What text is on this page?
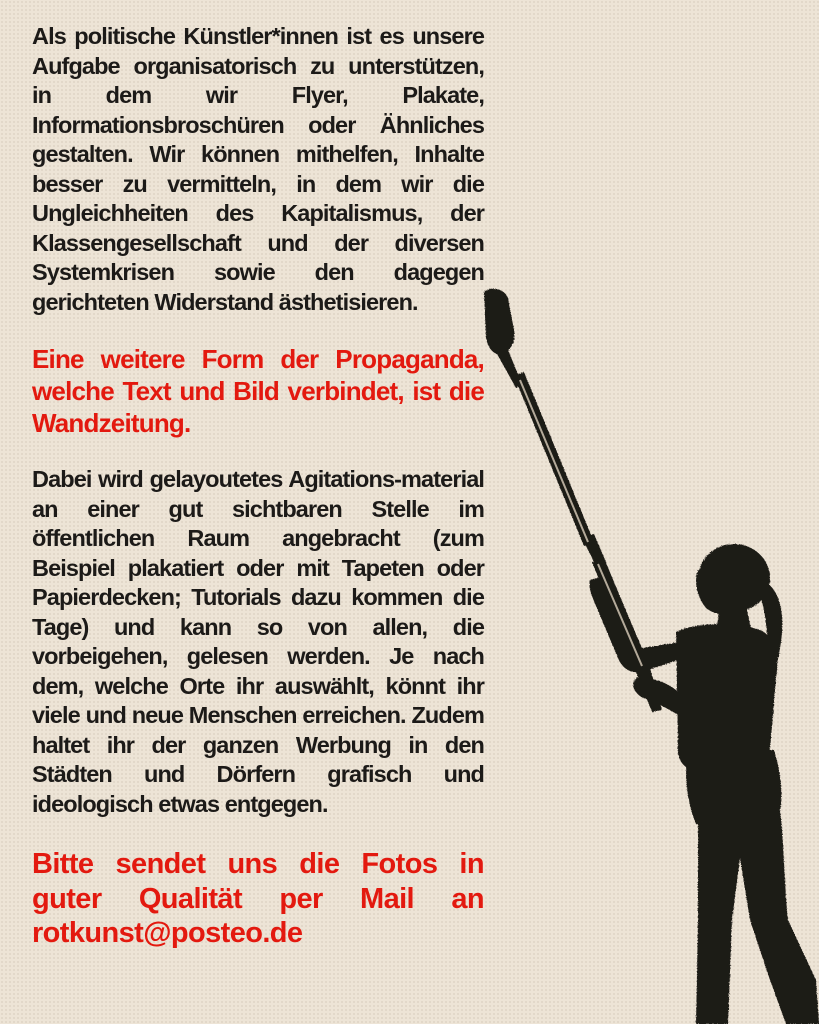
Als politische Künstler*innen ist es unsere Aufgabe organisatorisch zu unterstützen, in dem wir Flyer, Plakate, Informationsbroschüren oder Ähnliches gestalten. Wir können mithelfen, Inhalte besser zu vermitteln, in dem wir die Ungleichheiten des Kapitalismus, der Klassengesellschaft und der diversen Systemkrisen sowie den dagegen gerichteten Widerstand ästhetisieren.

Eine weitere Form der Propaganda, welche Text und Bild verbindet, ist die Wandzeitung.

Dabei wird gelayoutetes Agitations-material an einer gut sichtbaren Stelle im öffentlichen Raum angebracht (zum Beispiel plakatiert oder mit Tapeten oder Papierdecken; Tutorials dazu kommen die Tage) und kann so von allen, die vorbeigehen, gelesen werden. Je nach dem, welche Orte ihr auswählt, könnt ihr viele und neue Menschen erreichen. Zudem haltet ihr der ganzen Werbung in den Städten und Dörfern grafisch und ideologisch etwas entgegen.

Bitte sendet uns die Fotos in guter Qualität per Mail an rotkunst@posteo.de
